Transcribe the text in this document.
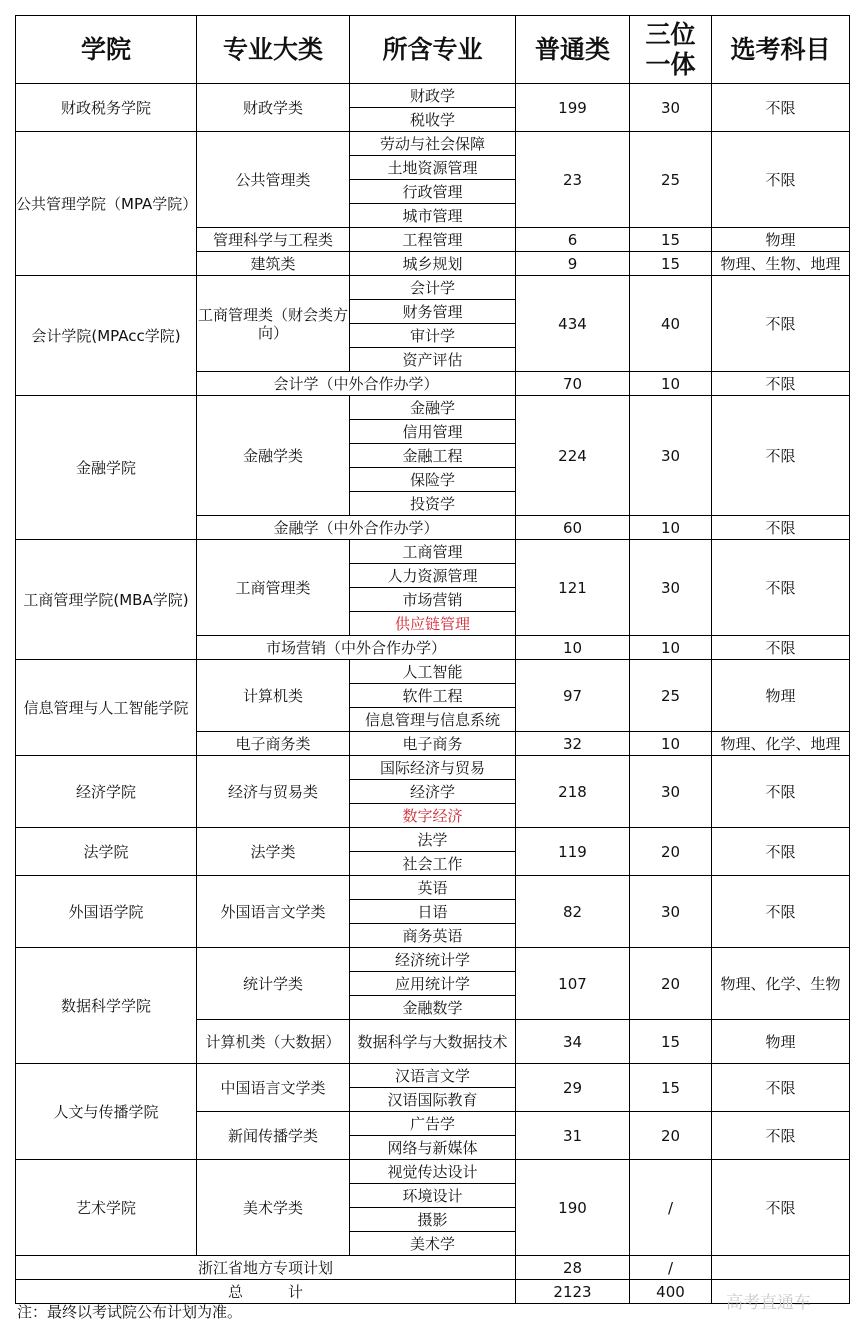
学院	专业大类	所含专业	普通类	三位一体	选考科目
财政税务学院	财政学类	财政学	199	30	不限
		税收学			
公共管理学院（MPA学院）	公共管理类	劳动与社会保障	23	25	不限
		土地资源管理			
		行政管理			
		城市管理			
	管理科学与工程类	工程管理	6	15	物理
	建筑类	城乡规划	9	15	物理、生物、地理
会计学院(MPAcc学院)	工商管理类（财会类方向）	会计学	434	40	不限
		财务管理			
		审计学			
		资产评估			
	会计学（中外合作办学）		70	10	不限
金融学院	金融学类	金融学	224	30	不限
		信用管理			
		金融工程			
		保险学			
		投资学			
	金融学（中外合作办学）		60	10	不限
工商管理学院(MBA学院)	工商管理类	工商管理	121	30	不限
		人力资源管理			
		市场营销			
		供应链管理			
	市场营销（中外合作办学）		10	10	不限
信息管理与人工智能学院	计算机类	人工智能	97	25	物理
		软件工程			
		信息管理与信息系统			
	电子商务类	电子商务	32	10	物理、化学、地理
经济学院	经济与贸易类	国际经济与贸易	218	30	不限
		经济学			
		数字经济			
法学院	法学类	法学	119	20	不限
		社会工作			
外国语学院	外国语言文学类	英语	82	30	不限
		日语			
		商务英语			
数据科学学院	统计学类	经济统计学	107	20	物理、化学、生物
		应用统计学			
		金融数学			
	计算机类（大数据）	数据科学与大数据技术	34	15	物理
人文与传播学院	中国语言文学类	汉语言文学	29	15	不限
		汉语国际教育			
	新闻传播学类	广告学	31	20	不限
		网络与新媒体			
艺术学院	美术学类	视觉传达设计	190	/	不限
		环境设计			
		摄影			
		美术学			
浙江省地方专项计划			28	/	
总　　　计			2123	400	
注：最终以考试院公布计划为准。	高考直通车
